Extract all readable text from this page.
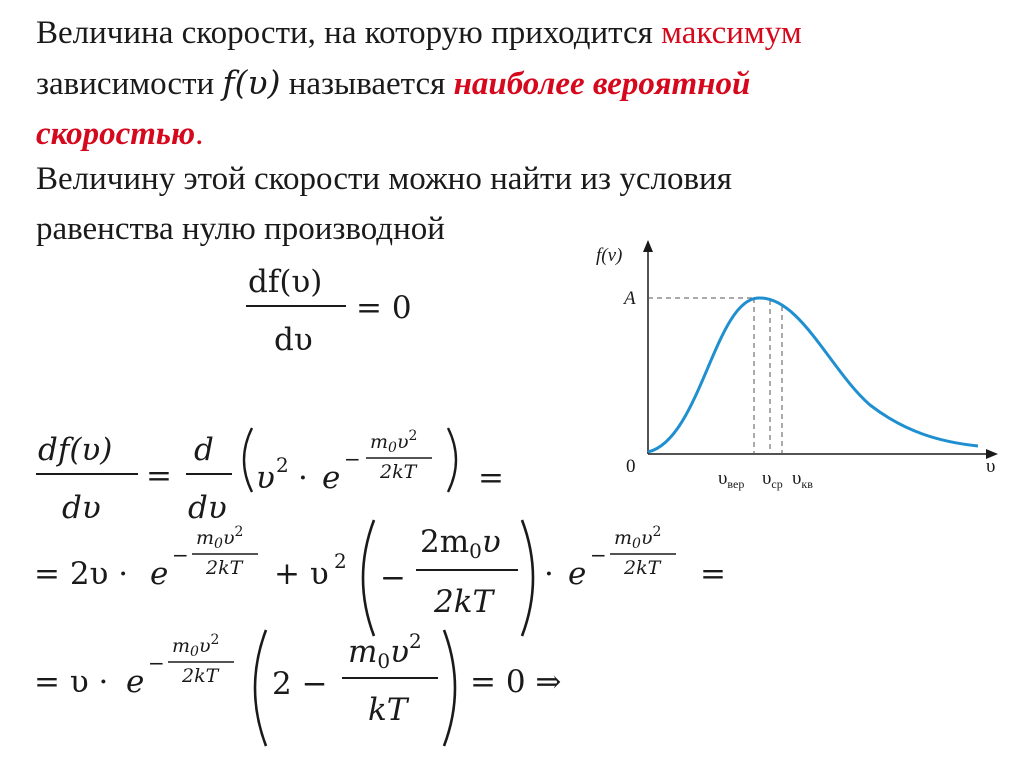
Величина скорости, на которую приходится максимум
зависимости f(υ) называется наиболее вероятной
скоростью.

Величину этой скорости можно найти из условия
равенства нулю производной

df(υ)
dυ
= 0
df(υ)
dυ
=
d
dυ
υ 2 · e
−
$m_0\upsilon^2$
2kT =
= 2υ · e
−
$m_0\upsilon^2$
2kT + υ 2 −
2m0υ
2kT
· e
−
$m_0\upsilon^2$
2kT =
= υ · e
−
$m_0\upsilon^2$
2kT 2 −
$m0\upsilon^2$
kT
= 0 ⇒
f(ν)
A
0	υ
$\upsilon_{вер}$ $\upsilon_{ср}$ $\upsilon_{кв}$
